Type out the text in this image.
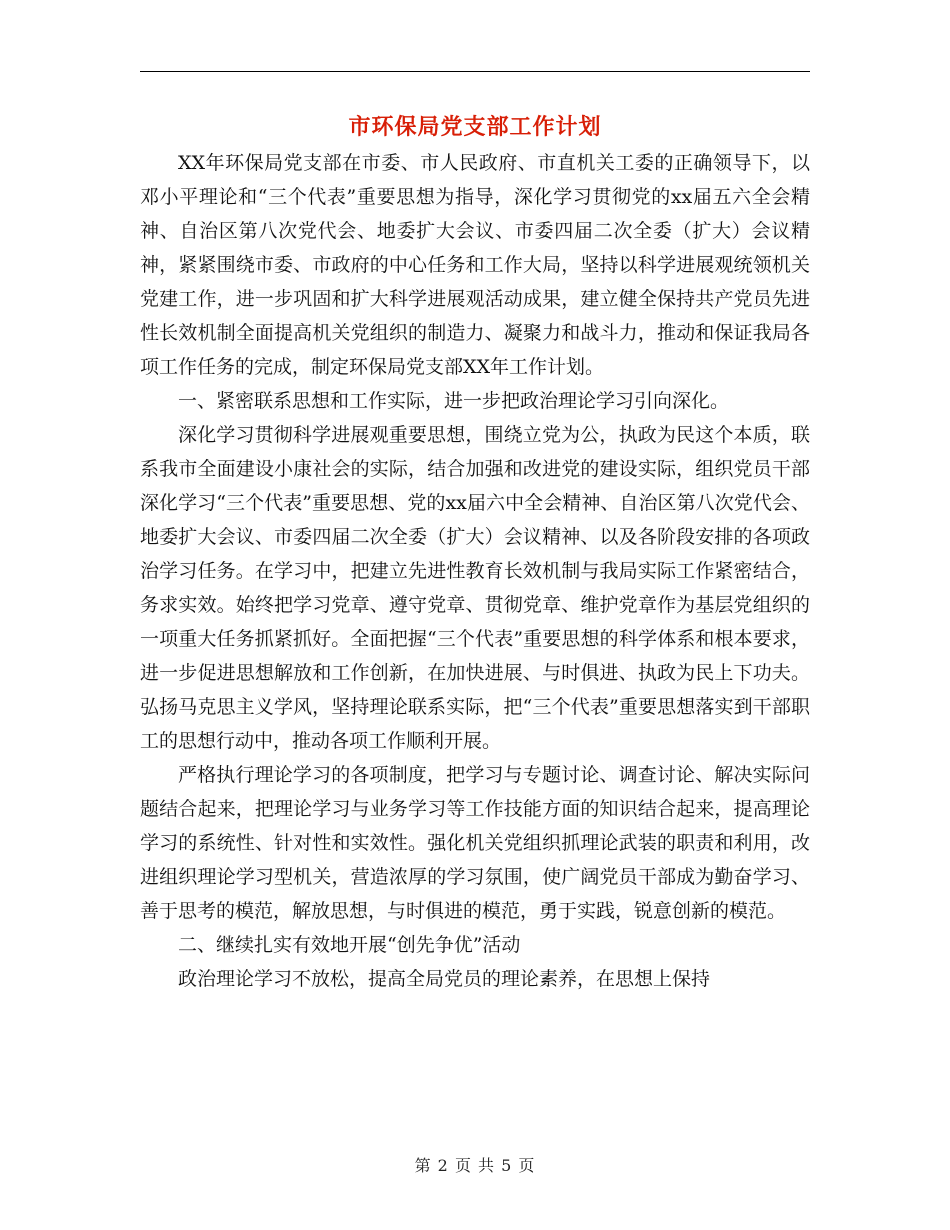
市环保局党支部工作计划

XX年环保局党支部在市委、市人民政府、市直机关工委的正确领导下，以邓小平理论和“三个代表”重要思想为指导，深化学习贯彻党的xx届五六全会精神、自治区第八次党代会、地委扩大会议、市委四届二次全委（扩大）会议精神，紧紧围绕市委、市政府的中心任务和工作大局，坚持以科学进展观统领机关党建工作，进一步巩固和扩大科学进展观活动成果，建立健全保持共产党员先进性长效机制全面提高机关党组织的制造力、凝聚力和战斗力，推动和保证我局各项工作任务的完成，制定环保局党支部XX年工作计划。

一、紧密联系思想和工作实际，进一步把政治理论学习引向深化。

深化学习贯彻科学进展观重要思想，围绕立党为公，执政为民这个本质，联系我市全面建设小康社会的实际，结合加强和改进党的建设实际，组织党员干部深化学习“三个代表”重要思想、党的xx届六中全会精神、自治区第八次党代会、地委扩大会议、市委四届二次全委（扩大）会议精神、以及各阶段安排的各项政治学习任务。在学习中，把建立先进性教育长效机制与我局实际工作紧密结合，务求实效。始终把学习党章、遵守党章、贯彻党章、维护党章作为基层党组织的一项重大任务抓紧抓好。全面把握“三个代表”重要思想的科学体系和根本要求，进一步促进思想解放和工作创新，在加快进展、与时俱进、执政为民上下功夫。弘扬马克思主义学风，坚持理论联系实际，把“三个代表”重要思想落实到干部职工的思想行动中，推动各项工作顺利开展。

严格执行理论学习的各项制度，把学习与专题讨论、调查讨论、解决实际问题结合起来，把理论学习与业务学习等工作技能方面的知识结合起来，提高理论学习的系统性、针对性和实效性。强化机关党组织抓理论武装的职责和利用，改进组织理论学习型机关，营造浓厚的学习氛围，使广阔党员干部成为勤奋学习、善于思考的模范，解放思想，与时俱进的模范，勇于实践，锐意创新的模范。

二、继续扎实有效地开展“创先争优”活动

政治理论学习不放松，提高全局党员的理论素养，在思想上保持

第 2 页 共 5 页
